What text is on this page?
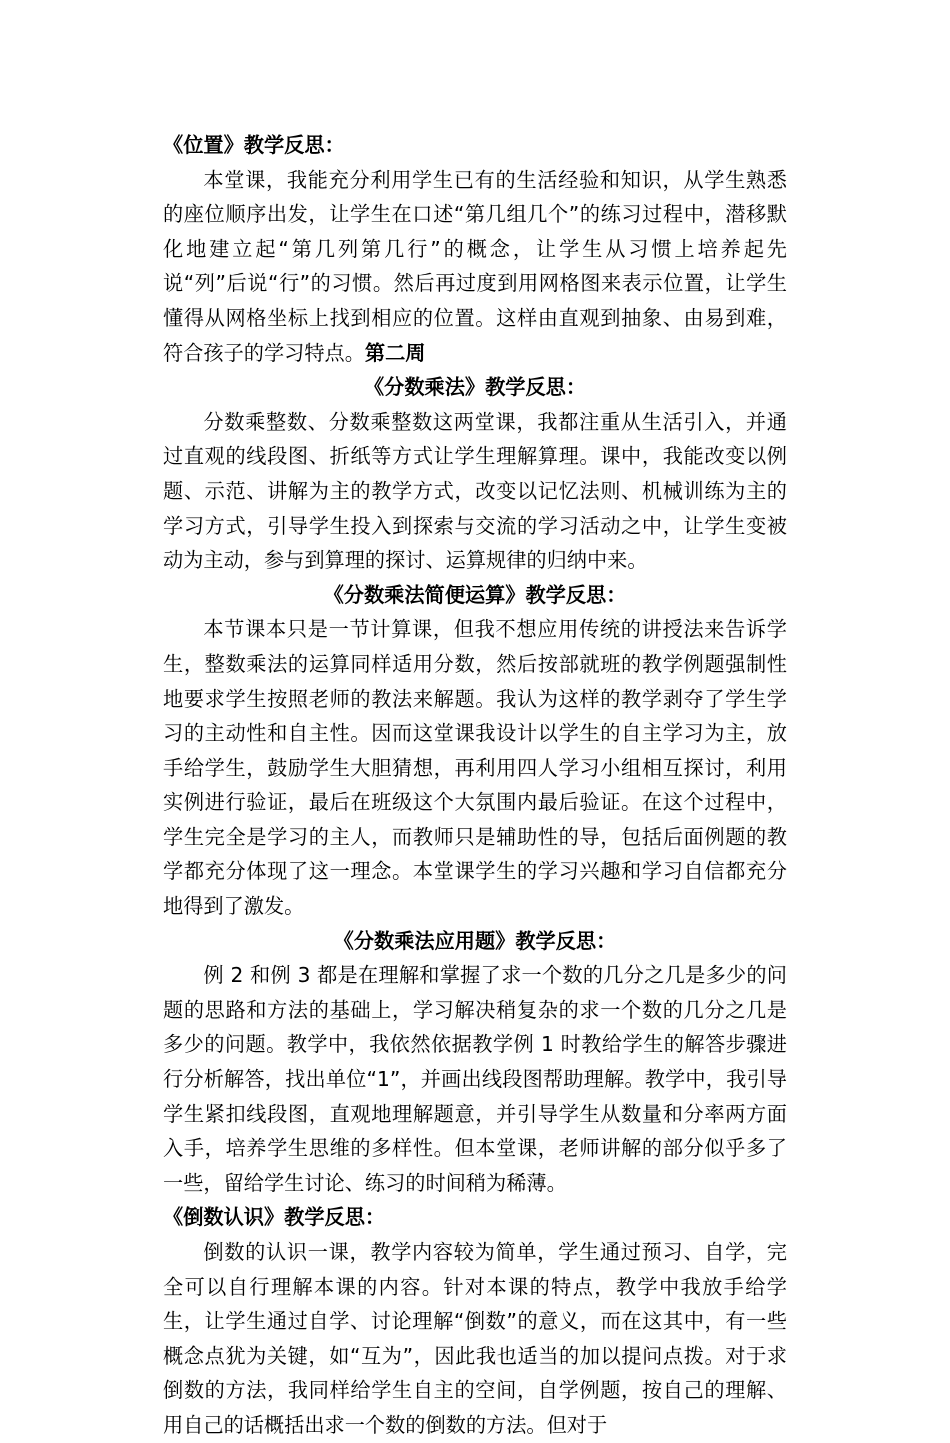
《位置》教学反思：
本堂课，我能充分利用学生已有的生活经验和知识，从学生熟悉的座位顺序出发，让学生在口述“第几组几个”的练习过程中，潜移默化地建立起“第几列第几行”的概念，让学生从习惯上培养起先说“列”后说“行”的习惯。然后再过度到用网格图来表示位置，让学生懂得从网格坐标上找到相应的位置。这样由直观到抽象、由易到难，符合孩子的学习特点。第二周
《分数乘法》教学反思：
分数乘整数、分数乘整数这两堂课，我都注重从生活引入，并通过直观的线段图、折纸等方式让学生理解算理。课中，我能改变以例题、示范、讲解为主的教学方式，改变以记忆法则、机械训练为主的学习方式，引导学生投入到探索与交流的学习活动之中，让学生变被动为主动，参与到算理的探讨、运算规律的归纳中来。
《分数乘法简便运算》教学反思：
本节课本只是一节计算课，但我不想应用传统的讲授法来告诉学生，整数乘法的运算同样适用分数，然后按部就班的教学例题强制性地要求学生按照老师的教法来解题。我认为这样的教学剥夺了学生学习的主动性和自主性。因而这堂课我设计以学生的自主学习为主，放手给学生，鼓励学生大胆猜想，再利用四人学习小组相互探讨，利用实例进行验证，最后在班级这个大氛围内最后验证。在这个过程中，学生完全是学习的主人，而教师只是辅助性的导，包括后面例题的教学都充分体现了这一理念。本堂课学生的学习兴趣和学习自信都充分地得到了激发。
《分数乘法应用题》教学反思：
例 2 和例 3 都是在理解和掌握了求一个数的几分之几是多少的问题的思路和方法的基础上，学习解决稍复杂的求一个数的几分之几是多少的问题。教学中，我依然依据教学例 1 时教给学生的解答步骤进行分析解答，找出单位“1”，并画出线段图帮助理解。教学中，我引导学生紧扣线段图，直观地理解题意，并引导学生从数量和分率两方面入手，培养学生思维的多样性。但本堂课，老师讲解的部分似乎多了一些，留给学生讨论、练习的时间稍为稀薄。
《倒数认识》教学反思：
倒数的认识一课，教学内容较为简单，学生通过预习、自学，完全可以自行理解本课的内容。针对本课的特点，教学中我放手给学生，让学生通过自学、讨论理解“倒数”的意义，而在这其中，有一些概念点犹为关键，如“互为”，因此我也适当的加以提问点拨。对于求倒数的方法，我同样给学生自主的空间，自学例题，按自己的理解、用自己的话概括出求一个数的倒数的方法。但对于
